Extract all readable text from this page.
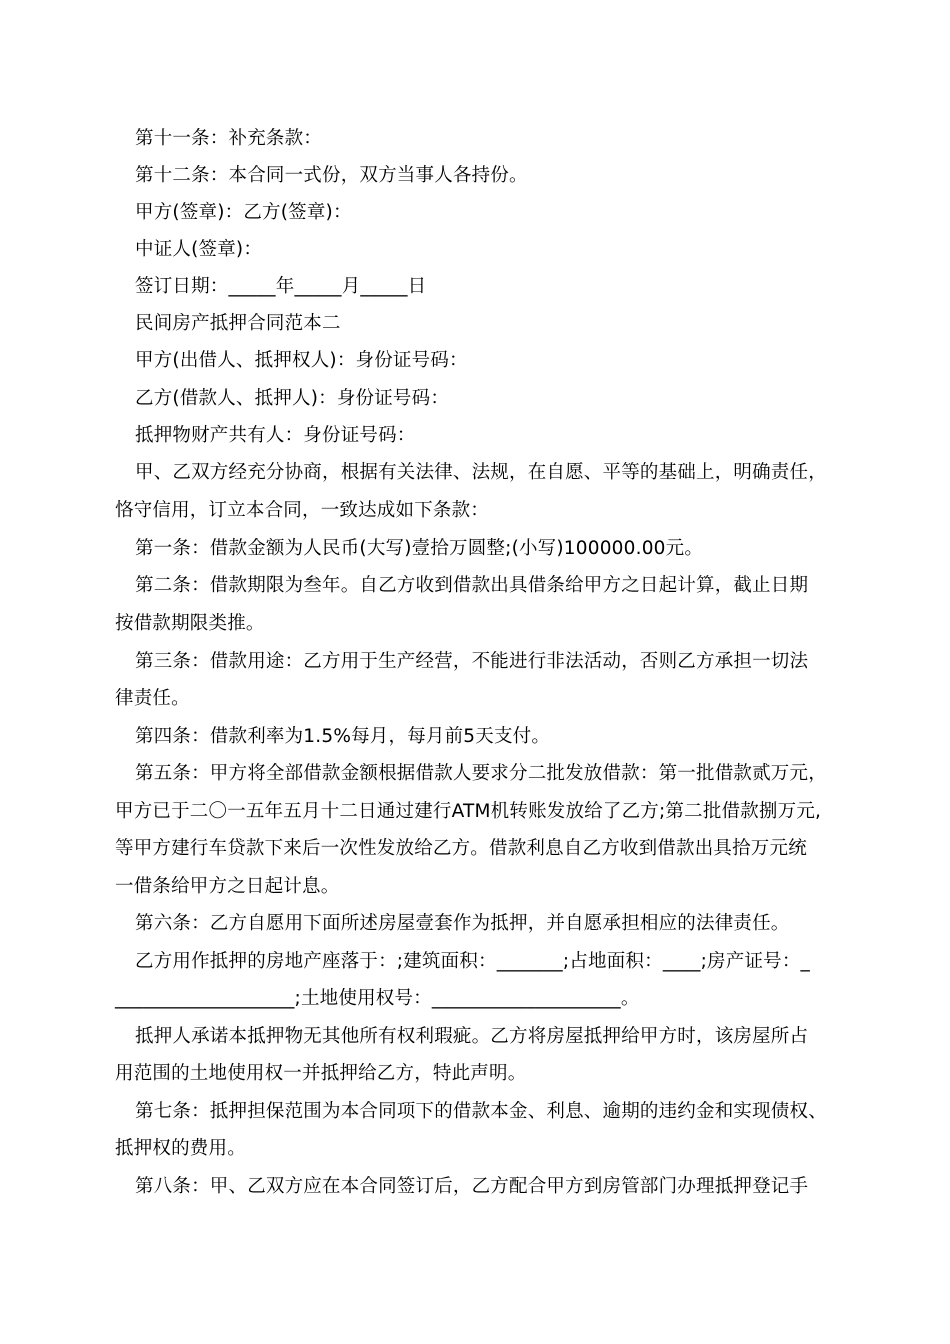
第十一条：补充条款：
第十二条：本合同一式份，双方当事人各持份。
甲方(签章)：乙方(签章)：
中证人(签章)：
签订日期：_____年_____月_____日
民间房产抵押合同范本二
甲方(出借人、抵押权人)：身份证号码：
乙方(借款人、抵押人)：身份证号码：
抵押物财产共有人：身份证号码：
甲、乙双方经充分协商，根据有关法律、法规，在自愿、平等的基础上，明确责任，
恪守信用，订立本合同，一致达成如下条款：
第一条：借款金额为人民币(大写)壹拾万圆整;(小写)100000.00元。
第二条：借款期限为叁年。自乙方收到借款出具借条给甲方之日起计算，截止日期
按借款期限类推。
第三条：借款用途：乙方用于生产经营，不能进行非法活动，否则乙方承担一切法
律责任。
第四条：借款利率为1.5%每月，每月前5天支付。
第五条：甲方将全部借款金额根据借款人要求分二批发放借款：第一批借款贰万元，
甲方已于二〇一五年五月十二日通过建行ATM机转账发放给了乙方;第二批借款捌万元,
等甲方建行车贷款下来后一次性发放给乙方。借款利息自乙方收到借款出具拾万元统
一借条给甲方之日起计息。
第六条：乙方自愿用下面所述房屋壹套作为抵押，并自愿承担相应的法律责任。
乙方用作抵押的房地产座落于：;建筑面积：_______;占地面积：____;房产证号：_
___________________;土地使用权号：____________________。
抵押人承诺本抵押物无其他所有权利瑕疵。乙方将房屋抵押给甲方时，该房屋所占
用范围的土地使用权一并抵押给乙方，特此声明。
第七条：抵押担保范围为本合同项下的借款本金、利息、逾期的违约金和实现债权、
抵押权的费用。
第八条：甲、乙双方应在本合同签订后，乙方配合甲方到房管部门办理抵押登记手
